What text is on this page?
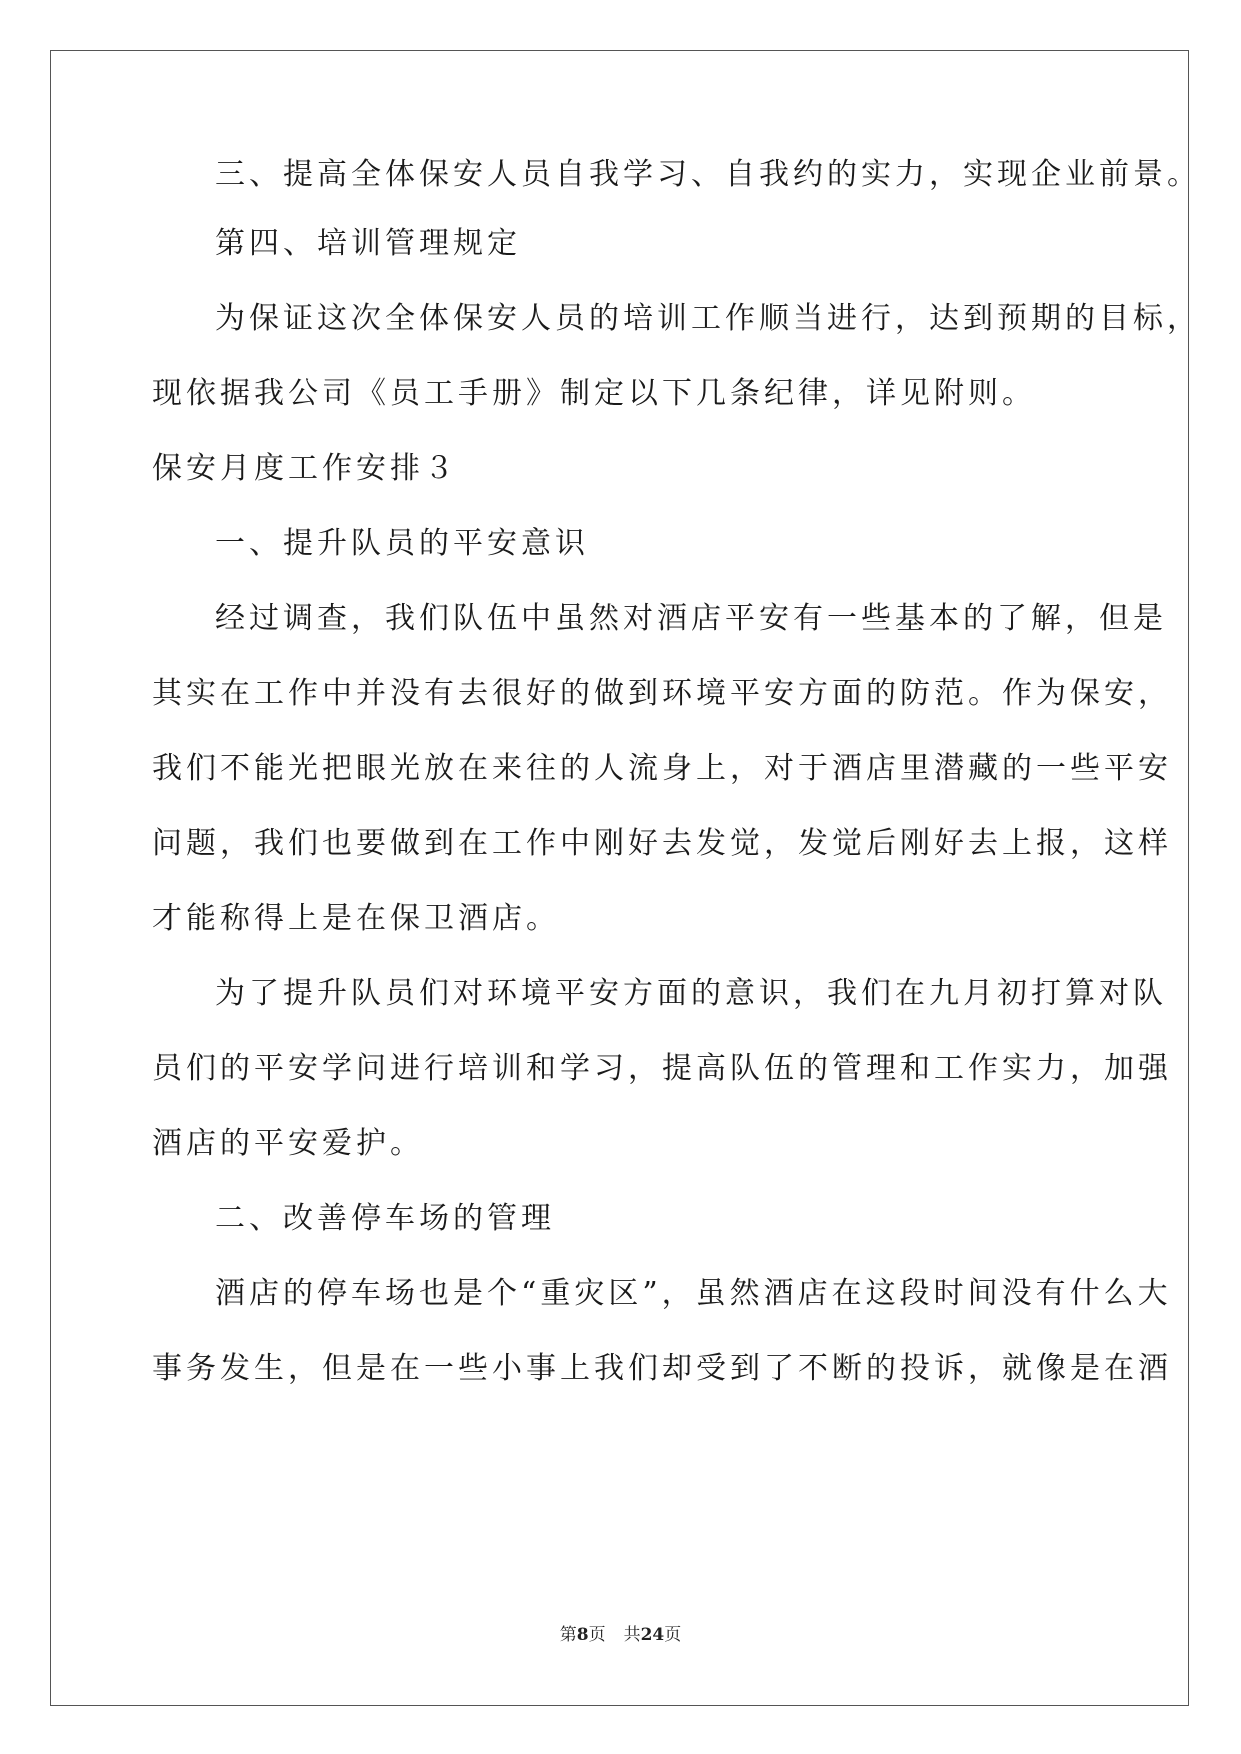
三、提高全体保安人员自我学习、自我约的实力，实现企业前景。
第四、培训管理规定
为保证这次全体保安人员的培训工作顺当进行，达到预期的目标，
现依据我公司《员工手册》制定以下几条纪律，详见附则。
保安月度工作安排３
一、提升队员的平安意识
经过调查，我们队伍中虽然对酒店平安有一些基本的了解，但是
其实在工作中并没有去很好的做到环境平安方面的防范。作为保安，
我们不能光把眼光放在来往的人流身上，对于酒店里潜藏的一些平安
问题，我们也要做到在工作中刚好去发觉，发觉后刚好去上报，这样
才能称得上是在保卫酒店。
为了提升队员们对环境平安方面的意识，我们在九月初打算对队
员们的平安学问进行培训和学习，提高队伍的管理和工作实力，加强
酒店的平安爱护。
二、改善停车场的管理
酒店的停车场也是个“重灾区”，虽然酒店在这段时间没有什么大
事务发生，但是在一些小事上我们却受到了不断的投诉，就像是在酒
第8页 共24页
